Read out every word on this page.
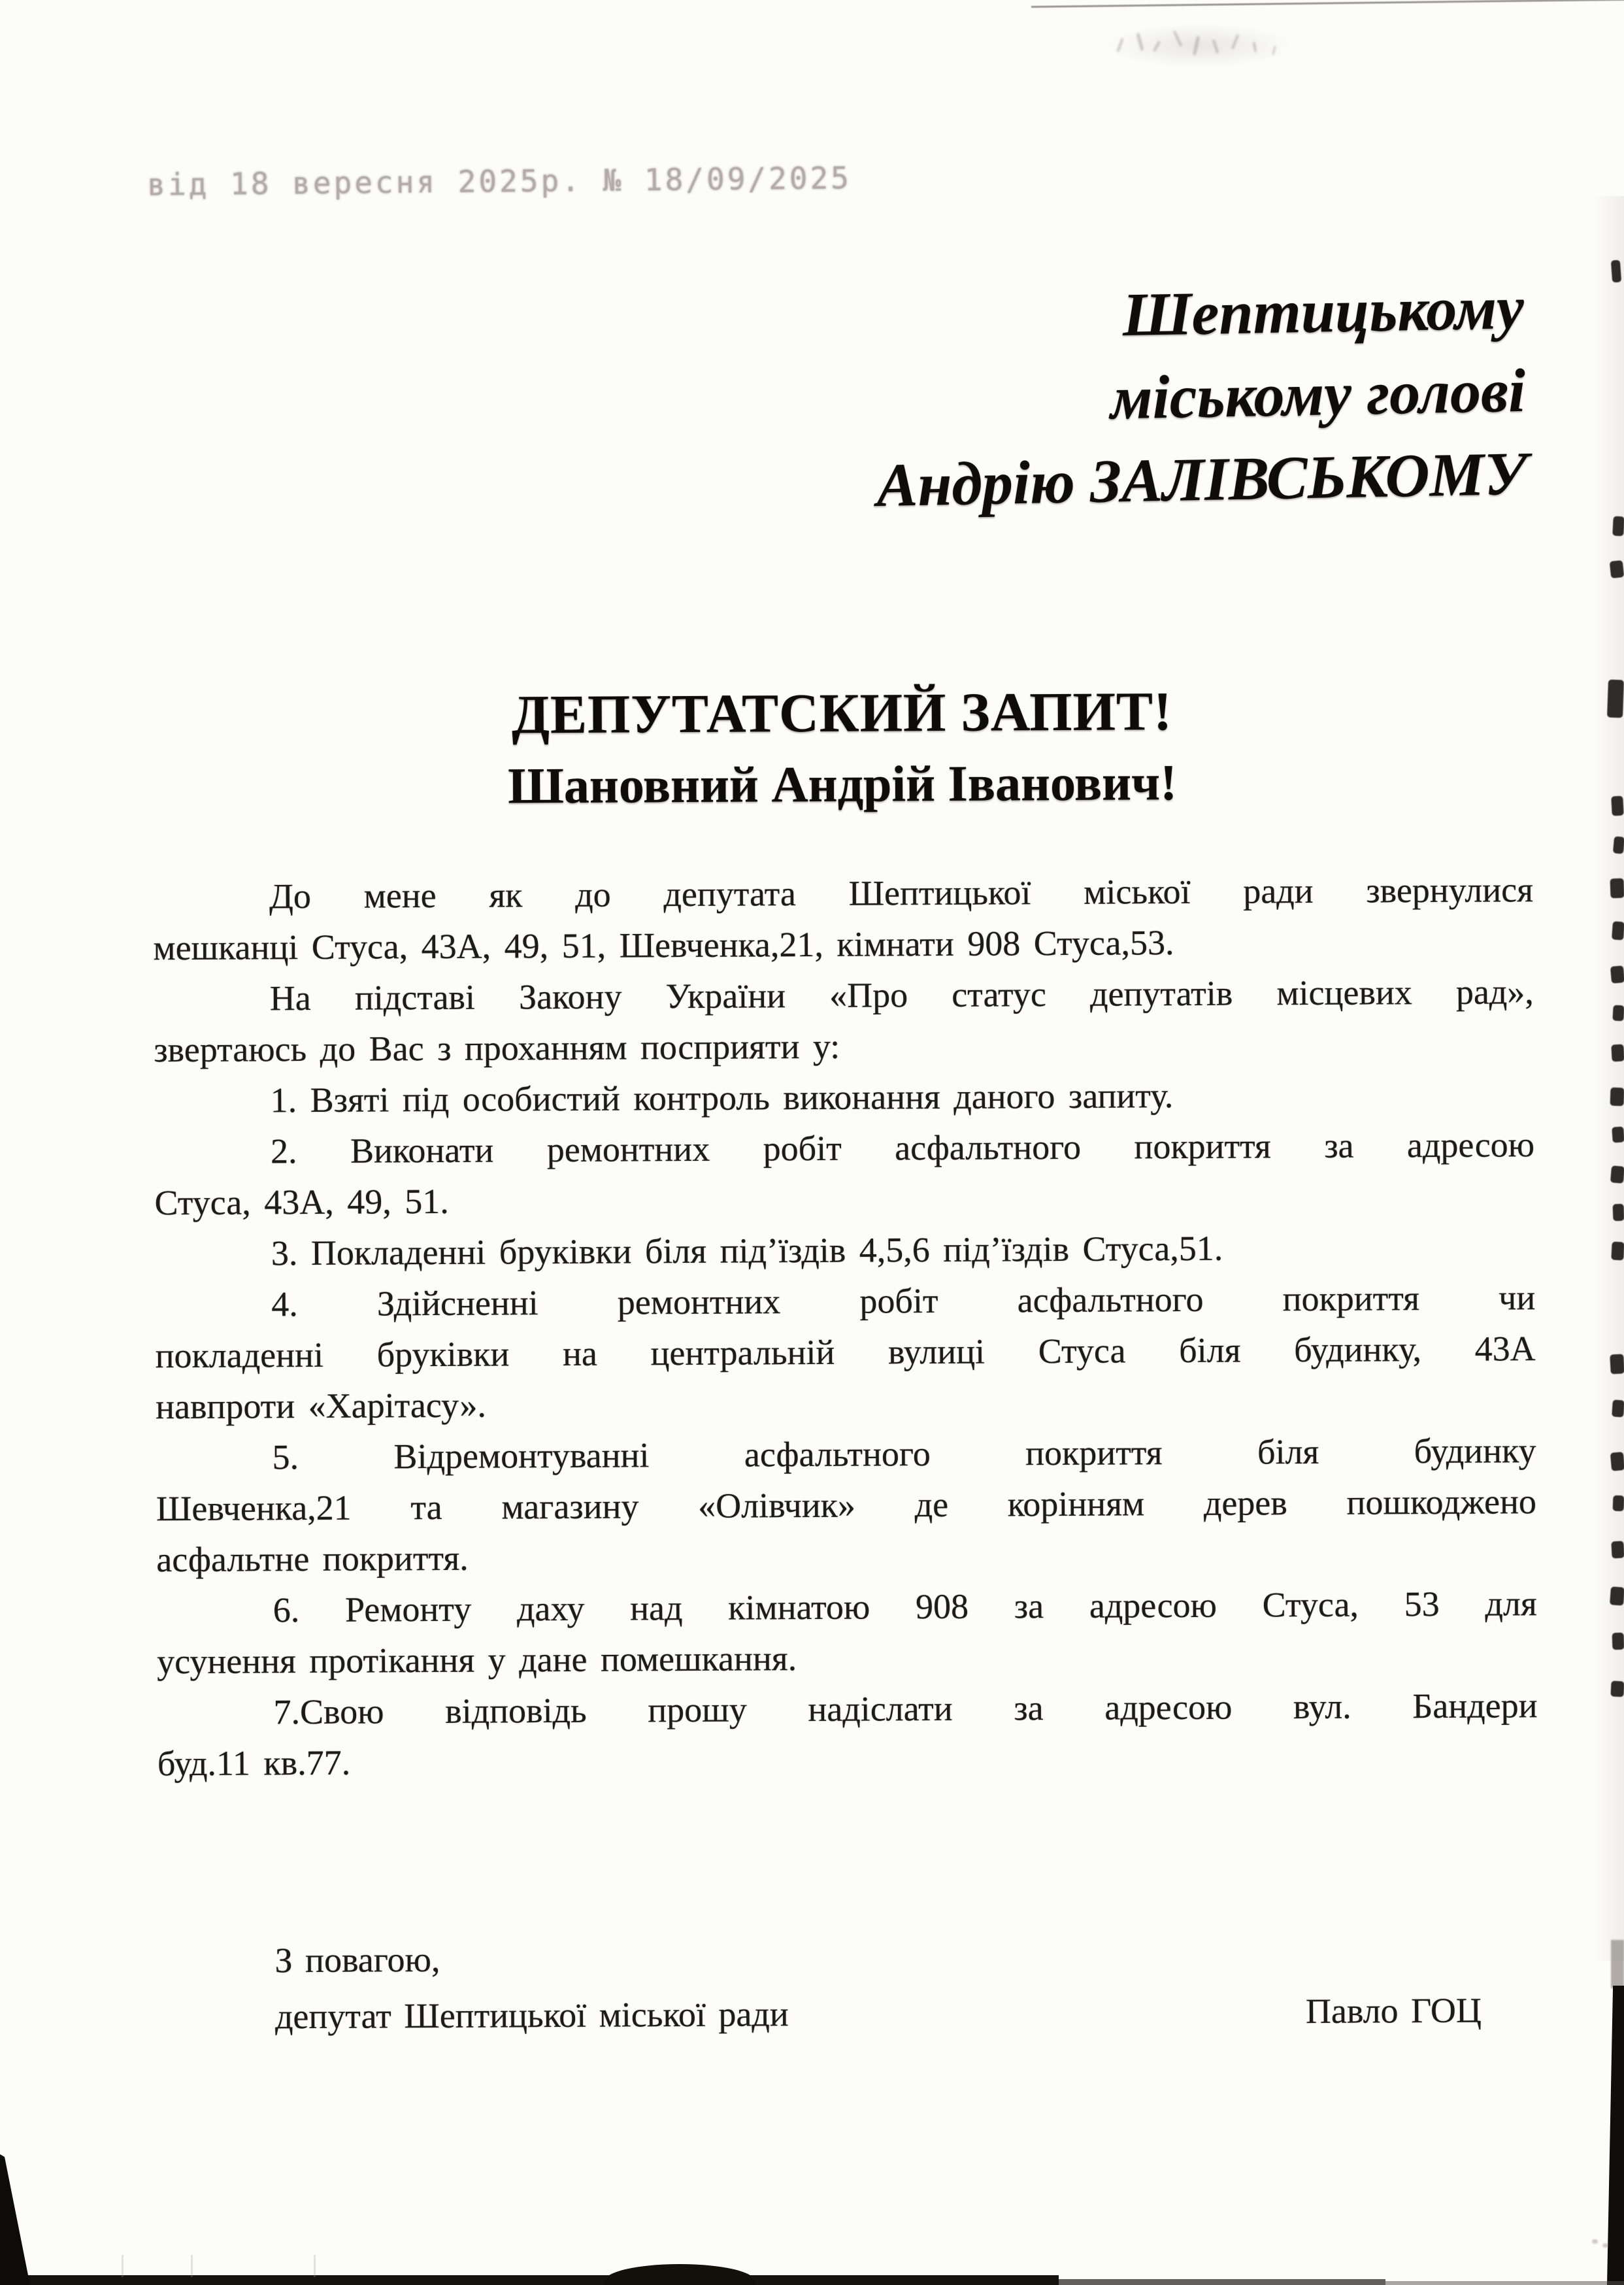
від 18 вересня 2025р. № 18/09/2025
Шептицькому
міському голові
Андрію ЗАЛІВСЬКОМУ
ДЕПУТАТСКИЙ ЗАПИТ!
Шановний Андрій Іванович!
До мене як до депутата Шептицької міської ради звернулися
мешканці Стуса, 43А, 49, 51, Шевченка,21, кімнати 908 Стуса,53.
На підставі Закону України «Про статус депутатів місцевих рад»,
звертаюсь до Вас з проханням посприяти у:
1. Взяті під особистий контроль виконання даного запиту.
2. Виконати ремонтних робіт асфальтного покриття за адресою
Стуса, 43А, 49, 51.
3. Покладенні бруківки біля під’їздів 4,5,6 під’їздів Стуса,51.
4. Здійсненні ремонтних робіт асфальтного покриття чи
покладенні бруківки на центральній вулиці Стуса біля будинку, 43А
навпроти «Харітасу».
5. Відремонтуванні асфальтного покриття біля будинку
Шевченка,21 та магазину «Олівчик» де корінням дерев пошкоджено
асфальтне покриття.
6. Ремонту даху над кімнатою 908 за адресою Стуса, 53 для
усунення протікання у дане помешкання.
7.Свою відповідь прошу надіслати за адресою вул. Бандери
буд.11 кв.77.
З повагою,
депутат Шептицької міської ради	Павло ГОЦ
